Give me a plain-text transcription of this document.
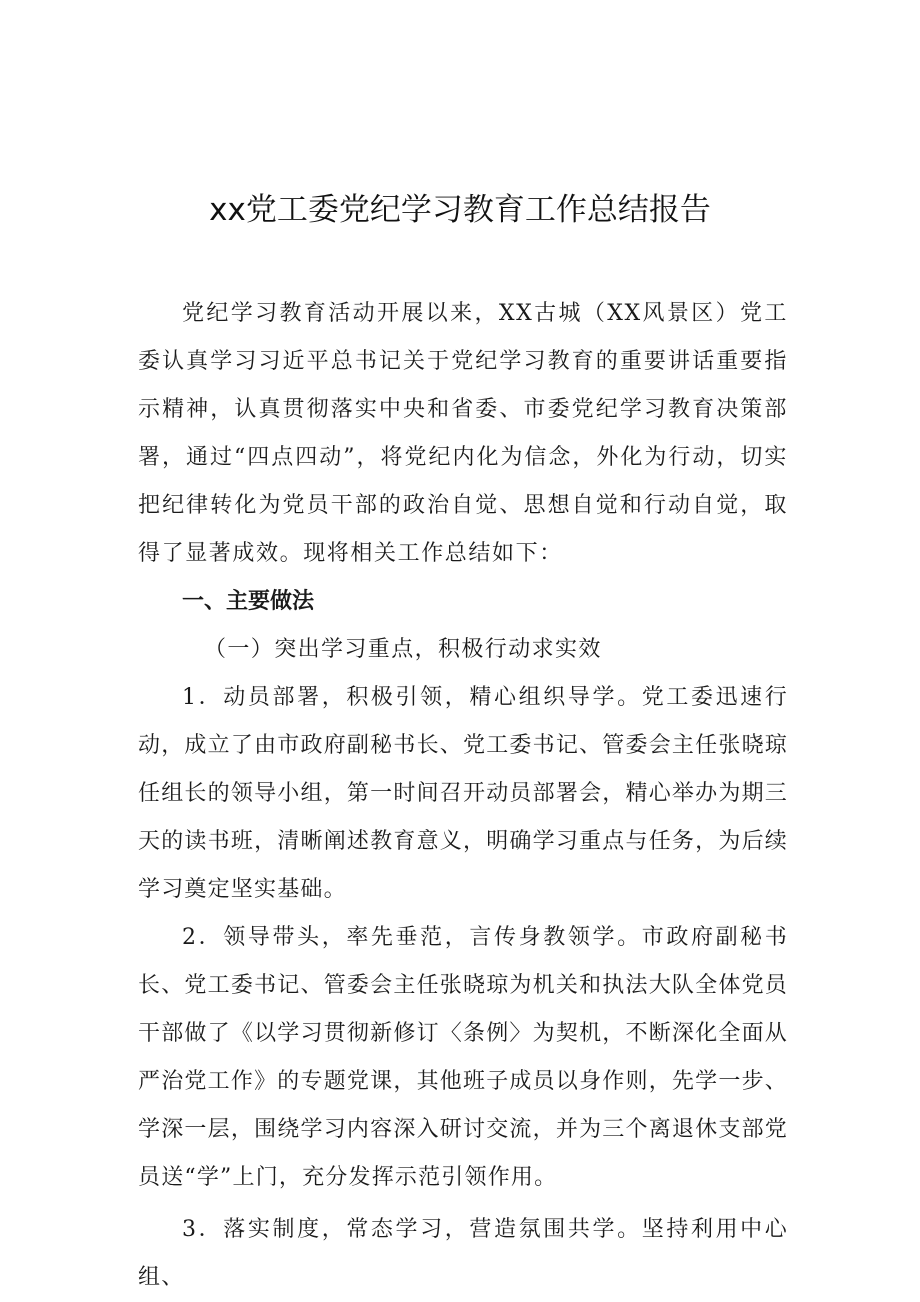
xx党工委党纪学习教育工作总结报告

党纪学习教育活动开展以来，XX古城（XX风景区）党工委认真学习习近平总书记关于党纪学习教育的重要讲话重要指示精神，认真贯彻落实中央和省委、市委党纪学习教育决策部署，通过“四点四动”，将党纪内化为信念，外化为行动，切实把纪律转化为党员干部的政治自觉、思想自觉和行动自觉，取得了显著成效。现将相关工作总结如下：

一、主要做法
（一）突出学习重点，积极行动求实效

1．动员部署，积极引领，精心组织导学。党工委迅速行动，成立了由市政府副秘书长、党工委书记、管委会主任张晓琼任组长的领导小组，第一时间召开动员部署会，精心举办为期三天的读书班，清晰阐述教育意义，明确学习重点与任务，为后续学习奠定坚实基础。

2．领导带头，率先垂范，言传身教领学。市政府副秘书长、党工委书记、管委会主任张晓琼为机关和执法大队全体党员干部做了《以学习贯彻新修订〈条例〉为契机，不断深化全面从严治党工作》的专题党课，其他班子成员以身作则，先学一步、学深一层，围绕学习内容深入研讨交流，并为三个离退休支部党员送“学”上门，充分发挥示范引领作用。

3．落实制度，常态学习，营造氛围共学。坚持利用中心组、
